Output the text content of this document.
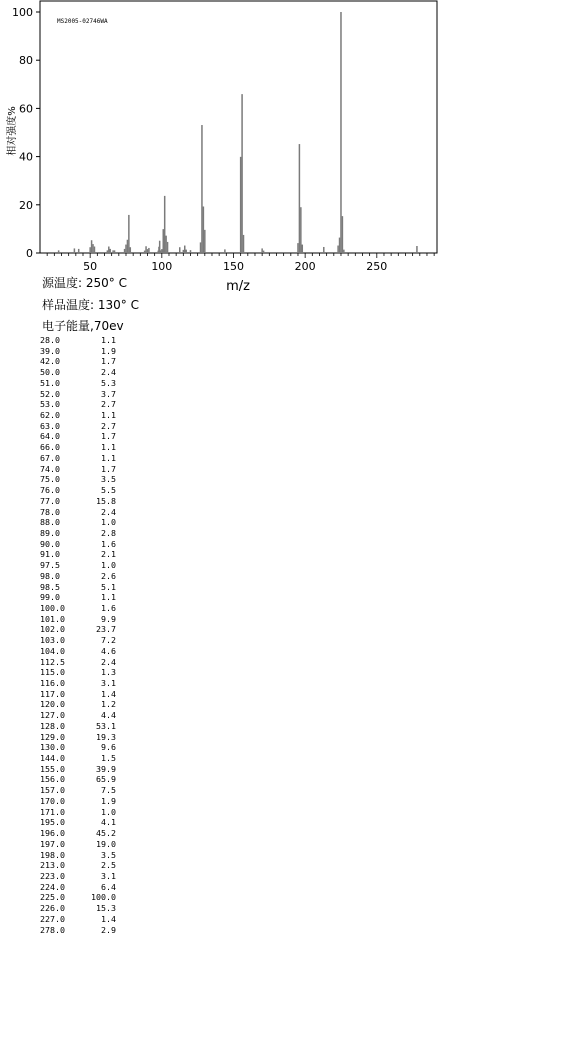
MS2005-02746WA
0
20
40
60
80
100
50	100	150	200	250
m/z
相对强度%
源温度: 250° C
样品温度: 130° C
电子能量,70ev
28.0	1.1
39.0	1.9
42.0	1.7
50.0	2.4
51.0	5.3
52.0	3.7
53.0	2.7
62.0	1.1
63.0	2.7
64.0	1.7
66.0	1.1
67.0	1.1
74.0	1.7
75.0	3.5
76.0	5.5
77.0	15.8
78.0	2.4
88.0	1.0
89.0	2.8
90.0	1.6
91.0	2.1
97.5	1.0
98.0	2.6
98.5	5.1
99.0	1.1
100.0	1.6
101.0	9.9
102.0	23.7
103.0	7.2
104.0	4.6
112.5	2.4
115.0	1.3
116.0	3.1
117.0	1.4
120.0	1.2
127.0	4.4
128.0	53.1
129.0	19.3
130.0	9.6
144.0	1.5
155.0	39.9
156.0	65.9
157.0	7.5
170.0	1.9
171.0	1.0
195.0	4.1
196.0	45.2
197.0	19.0
198.0	3.5
213.0	2.5
223.0	3.1
224.0	6.4
225.0	100.0
226.0	15.3
227.0	1.4
278.0	2.9
